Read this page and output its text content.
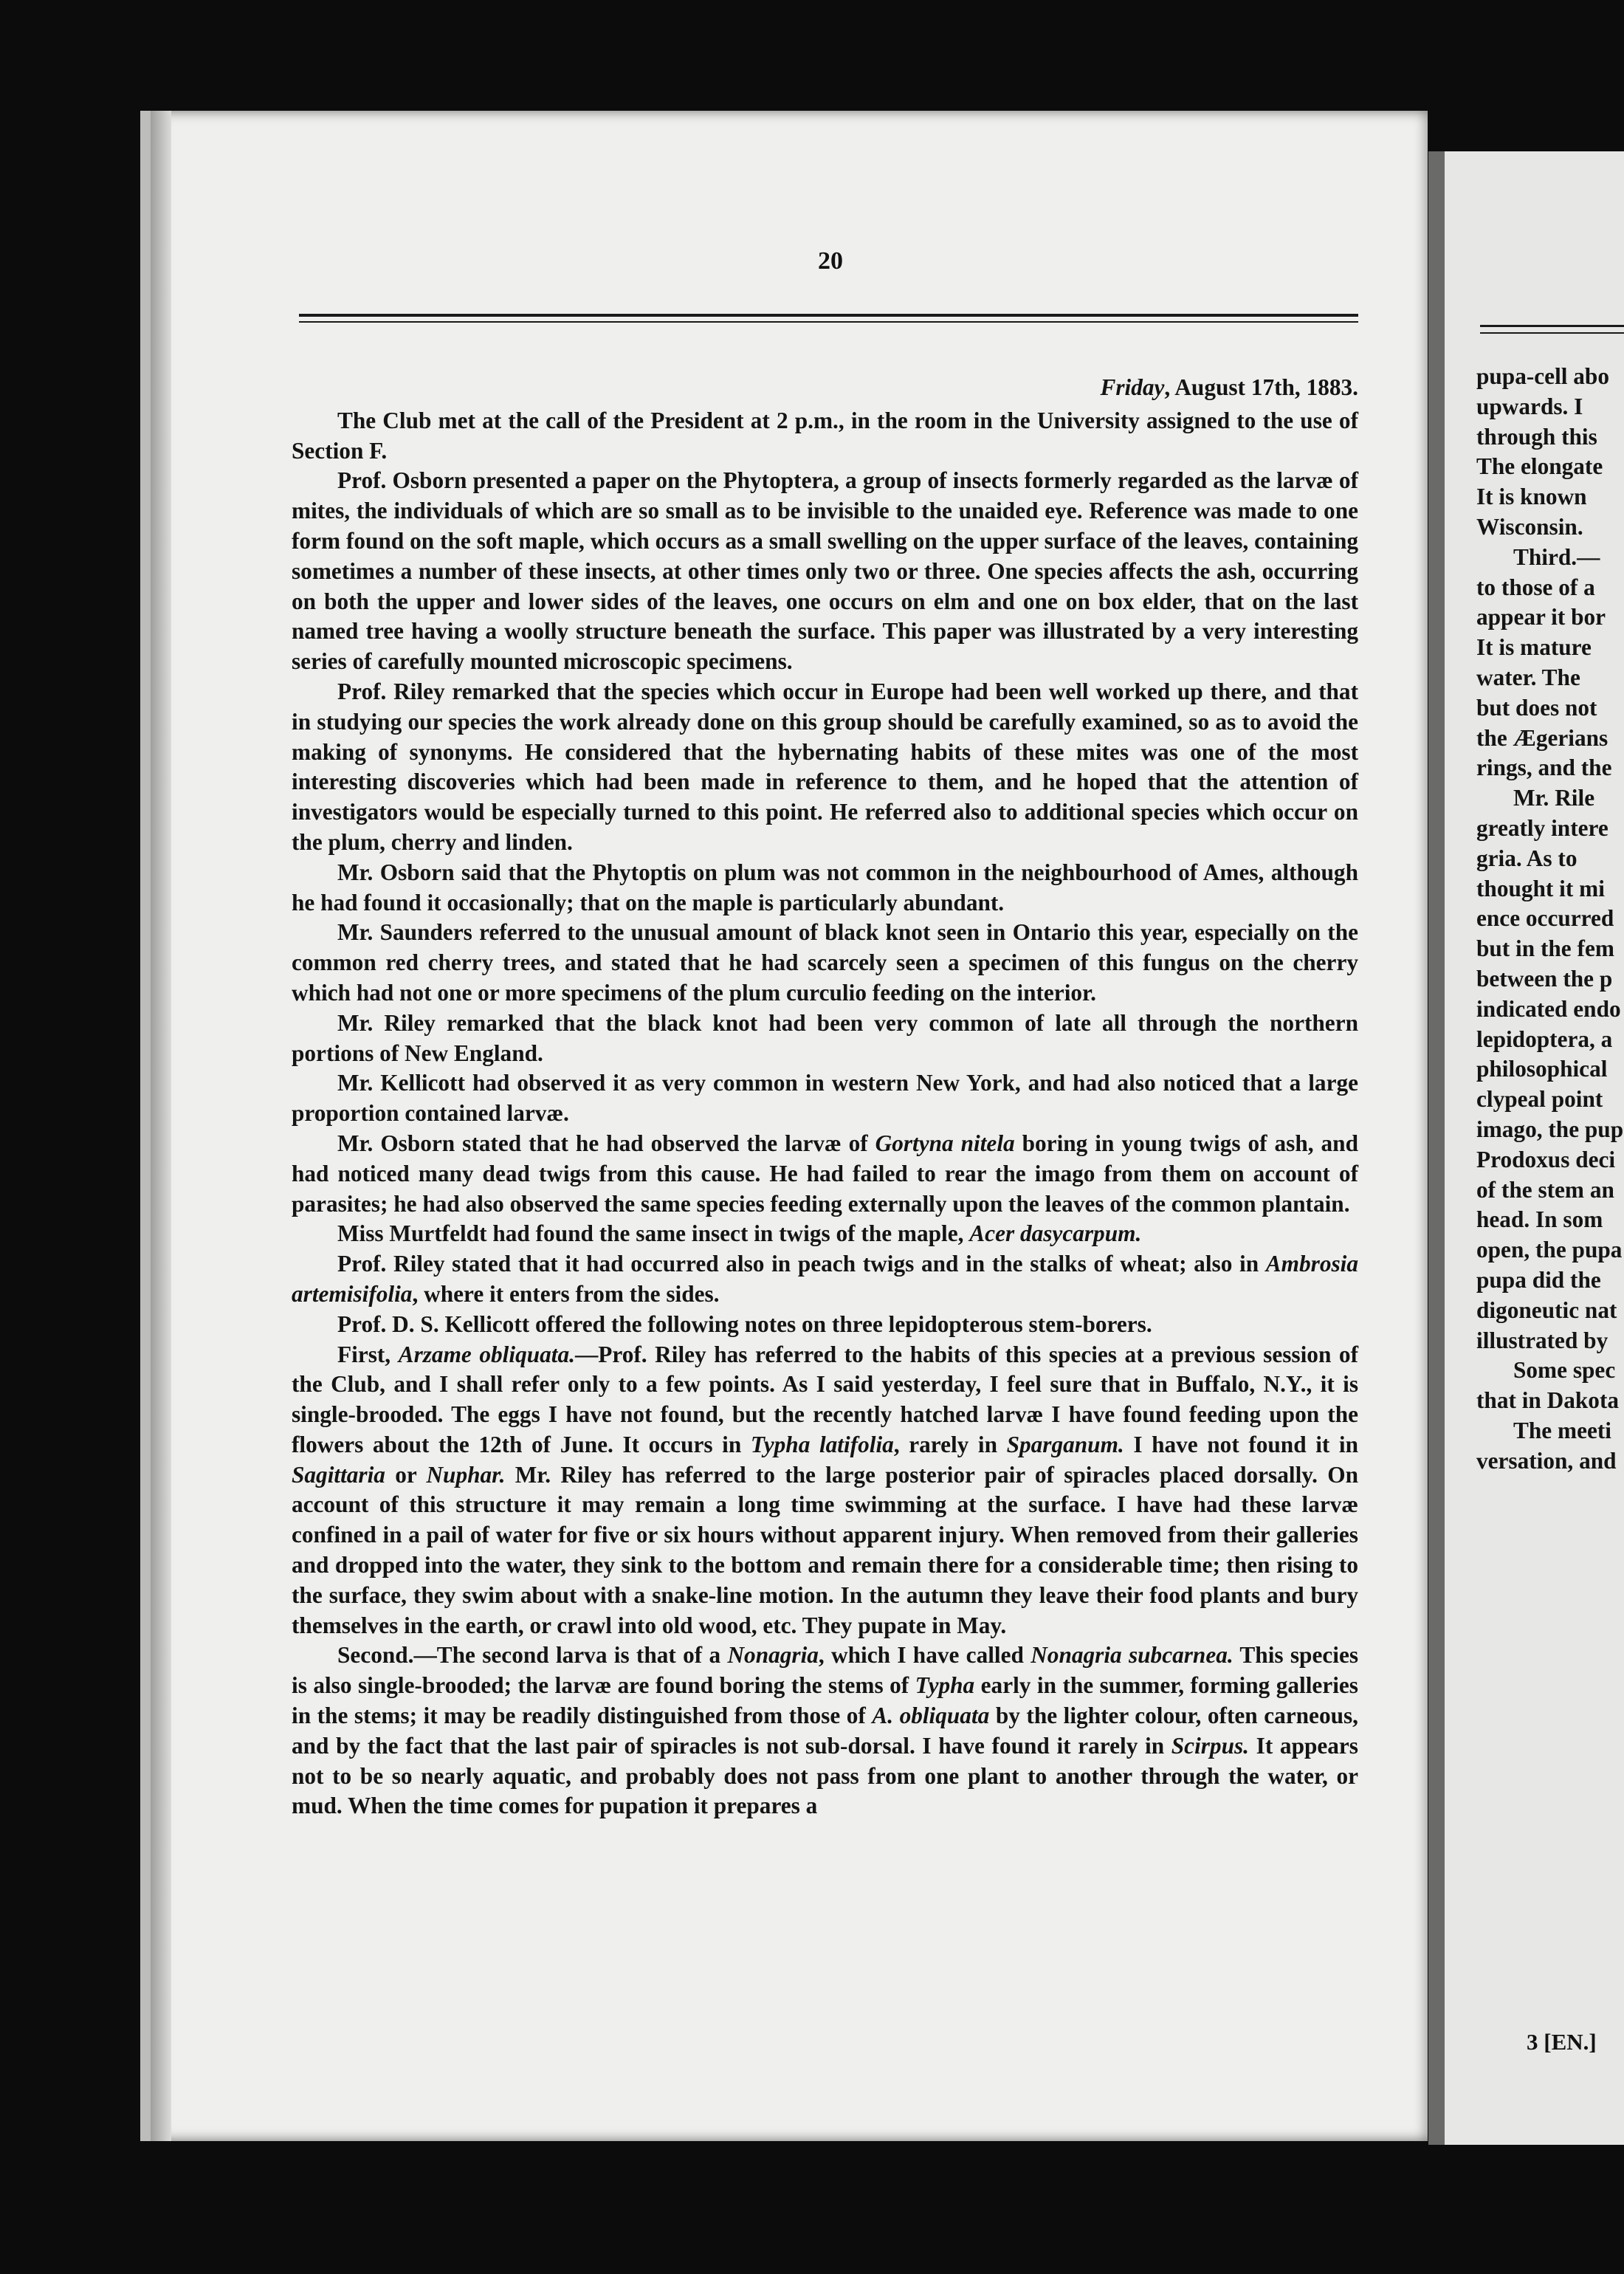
20
Friday, August 17th, 1883.

The Club met at the call of the President at 2 p.m., in the room in the University assigned to the use of Section F.

Prof. Osborn presented a paper on the Phytoptera, a group of insects formerly regarded as the larvæ of mites, the individuals of which are so small as to be invisible to the unaided eye. Reference was made to one form found on the soft maple, which occurs as a small swelling on the upper surface of the leaves, containing sometimes a number of these insects, at other times only two or three. One species affects the ash, occurring on both the upper and lower sides of the leaves, one occurs on elm and one on box elder, that on the last named tree having a woolly structure beneath the surface. This paper was illustrated by a very interesting series of carefully mounted microscopic specimens.

Prof. Riley remarked that the species which occur in Europe had been well worked up there, and that in studying our species the work already done on this group should be carefully examined, so as to avoid the making of synonyms. He considered that the hybernating habits of these mites was one of the most interesting discoveries which had been made in reference to them, and he hoped that the attention of investigators would be especially turned to this point. He referred also to additional species which occur on the plum, cherry and linden.

Mr. Osborn said that the Phytoptis on plum was not common in the neighbourhood of Ames, although he had found it occasionally; that on the maple is particularly abundant.

Mr. Saunders referred to the unusual amount of black knot seen in Ontario this year, especially on the common red cherry trees, and stated that he had scarcely seen a specimen of this fungus on the cherry which had not one or more specimens of the plum curculio feeding on the interior.

Mr. Riley remarked that the black knot had been very common of late all through the northern portions of New England.

Mr. Kellicott had observed it as very common in western New York, and had also noticed that a large proportion contained larvæ.

Mr. Osborn stated that he had observed the larvæ of Gortyna nitela boring in young twigs of ash, and had noticed many dead twigs from this cause. He had failed to rear the imago from them on account of parasites; he had also observed the same species feeding externally upon the leaves of the common plantain.

Miss Murtfeldt had found the same insect in twigs of the maple, Acer dasycarpum.

Prof. Riley stated that it had occurred also in peach twigs and in the stalks of wheat; also in Ambrosia artemisifolia, where it enters from the sides.

Prof. D. S. Kellicott offered the following notes on three lepidopterous stem-borers.

First, Arzame obliquata.—Prof. Riley has referred to the habits of this species at a previous session of the Club, and I shall refer only to a few points. As I said yesterday, I feel sure that in Buffalo, N.Y., it is single-brooded. The eggs I have not found, but the recently hatched larvæ I have found feeding upon the flowers about the 12th of June. It occurs in Typha latifolia, rarely in Sparganum. I have not found it in Sagittaria or Nuphar. Mr. Riley has referred to the large posterior pair of spiracles placed dorsally. On account of this structure it may remain a long time swimming at the surface. I have had these larvæ confined in a pail of water for five or six hours without apparent injury. When removed from their galleries and dropped into the water, they sink to the bottom and remain there for a considerable time; then rising to the surface, they swim about with a snake-line motion. In the autumn they leave their food plants and bury themselves in the earth, or crawl into old wood, etc. They pupate in May.

Second.—The second larva is that of a Nonagria, which I have called Nonagria subcarnea. This species is also single-brooded; the larvæ are found boring the stems of Typha early in the summer, forming galleries in the stems; it may be readily distinguished from those of A. obliquata by the lighter colour, often carneous, and by the fact that the last pair of spiracles is not sub-dorsal. I have found it rarely in Scirpus. It appears not to be so nearly aquatic, and probably does not pass from one plant to another through the water, or mud. When the time comes for pupation it prepares a

pupa-cell abo
upwards. I
through this
The elongate
It is known
Wisconsin.
Third.—
to those of a
appear it bor
It is mature
water. The
but does not
the Ægerians
rings, and the
Mr. Rile
greatly intere
gria. As to
thought it mi
ence occurred
but in the fem
between the p
indicated endo
lepidoptera, a
philosophical
clypeal point
imago, the pup
Prodoxus deci
of the stem an
head. In som
open, the pupa
pupa did the
digoneutic nat
illustrated by
Some spec
that in Dakota
The meeti
versation, and
3 [EN.]
